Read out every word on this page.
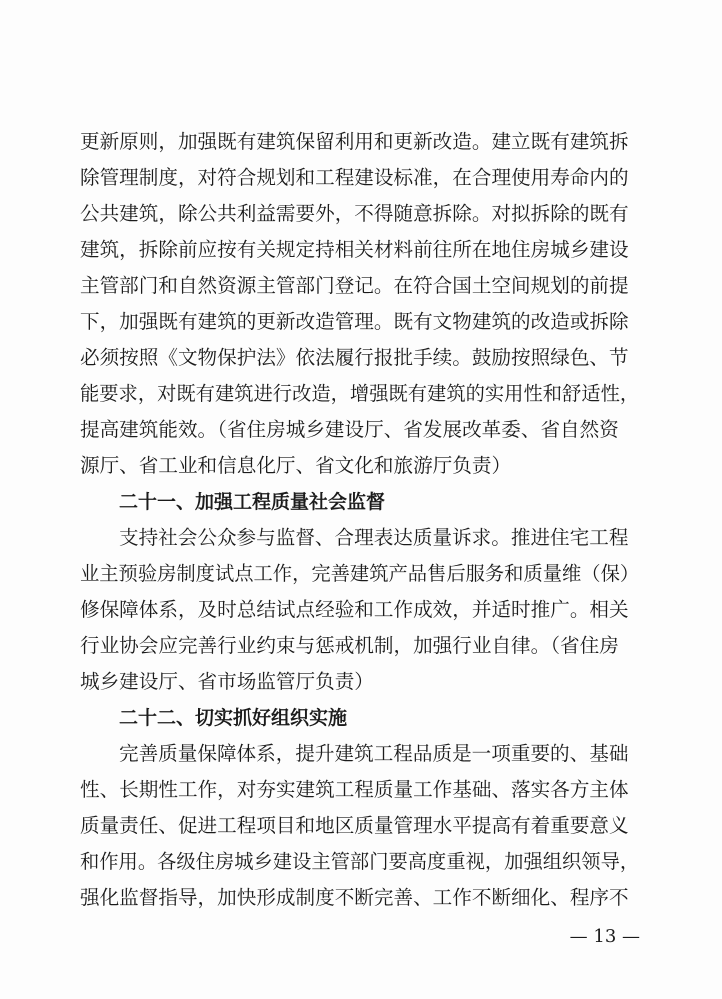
更新原则，加强既有建筑保留利用和更新改造。建立既有建筑拆
除管理制度，对符合规划和工程建设标准，在合理使用寿命内的
公共建筑，除公共利益需要外，不得随意拆除。对拟拆除的既有
建筑，拆除前应按有关规定持相关材料前往所在地住房城乡建设
主管部门和自然资源主管部门登记。在符合国土空间规划的前提
下，加强既有建筑的更新改造管理。既有文物建筑的改造或拆除
必须按照《文物保护法》依法履行报批手续。鼓励按照绿色、节
能要求，对既有建筑进行改造，增强既有建筑的实用性和舒适性，
提高建筑能效。（省住房城乡建设厅、省发展改革委、省自然资
源厅、省工业和信息化厅、省文化和旅游厅负责）
二十一、加强工程质量社会监督
支持社会公众参与监督、合理表达质量诉求。推进住宅工程
业主预验房制度试点工作，完善建筑产品售后服务和质量维（保）
修保障体系，及时总结试点经验和工作成效，并适时推广。相关
行业协会应完善行业约束与惩戒机制，加强行业自律。（省住房
城乡建设厅、省市场监管厅负责）
二十二、切实抓好组织实施
完善质量保障体系，提升建筑工程品质是一项重要的、基础
性、长期性工作，对夯实建筑工程质量工作基础、落实各方主体
质量责任、促进工程项目和地区质量管理水平提高有着重要意义
和作用。各级住房城乡建设主管部门要高度重视，加强组织领导，
强化监督指导，加快形成制度不断完善、工作不断细化、程序不
— 13 —
